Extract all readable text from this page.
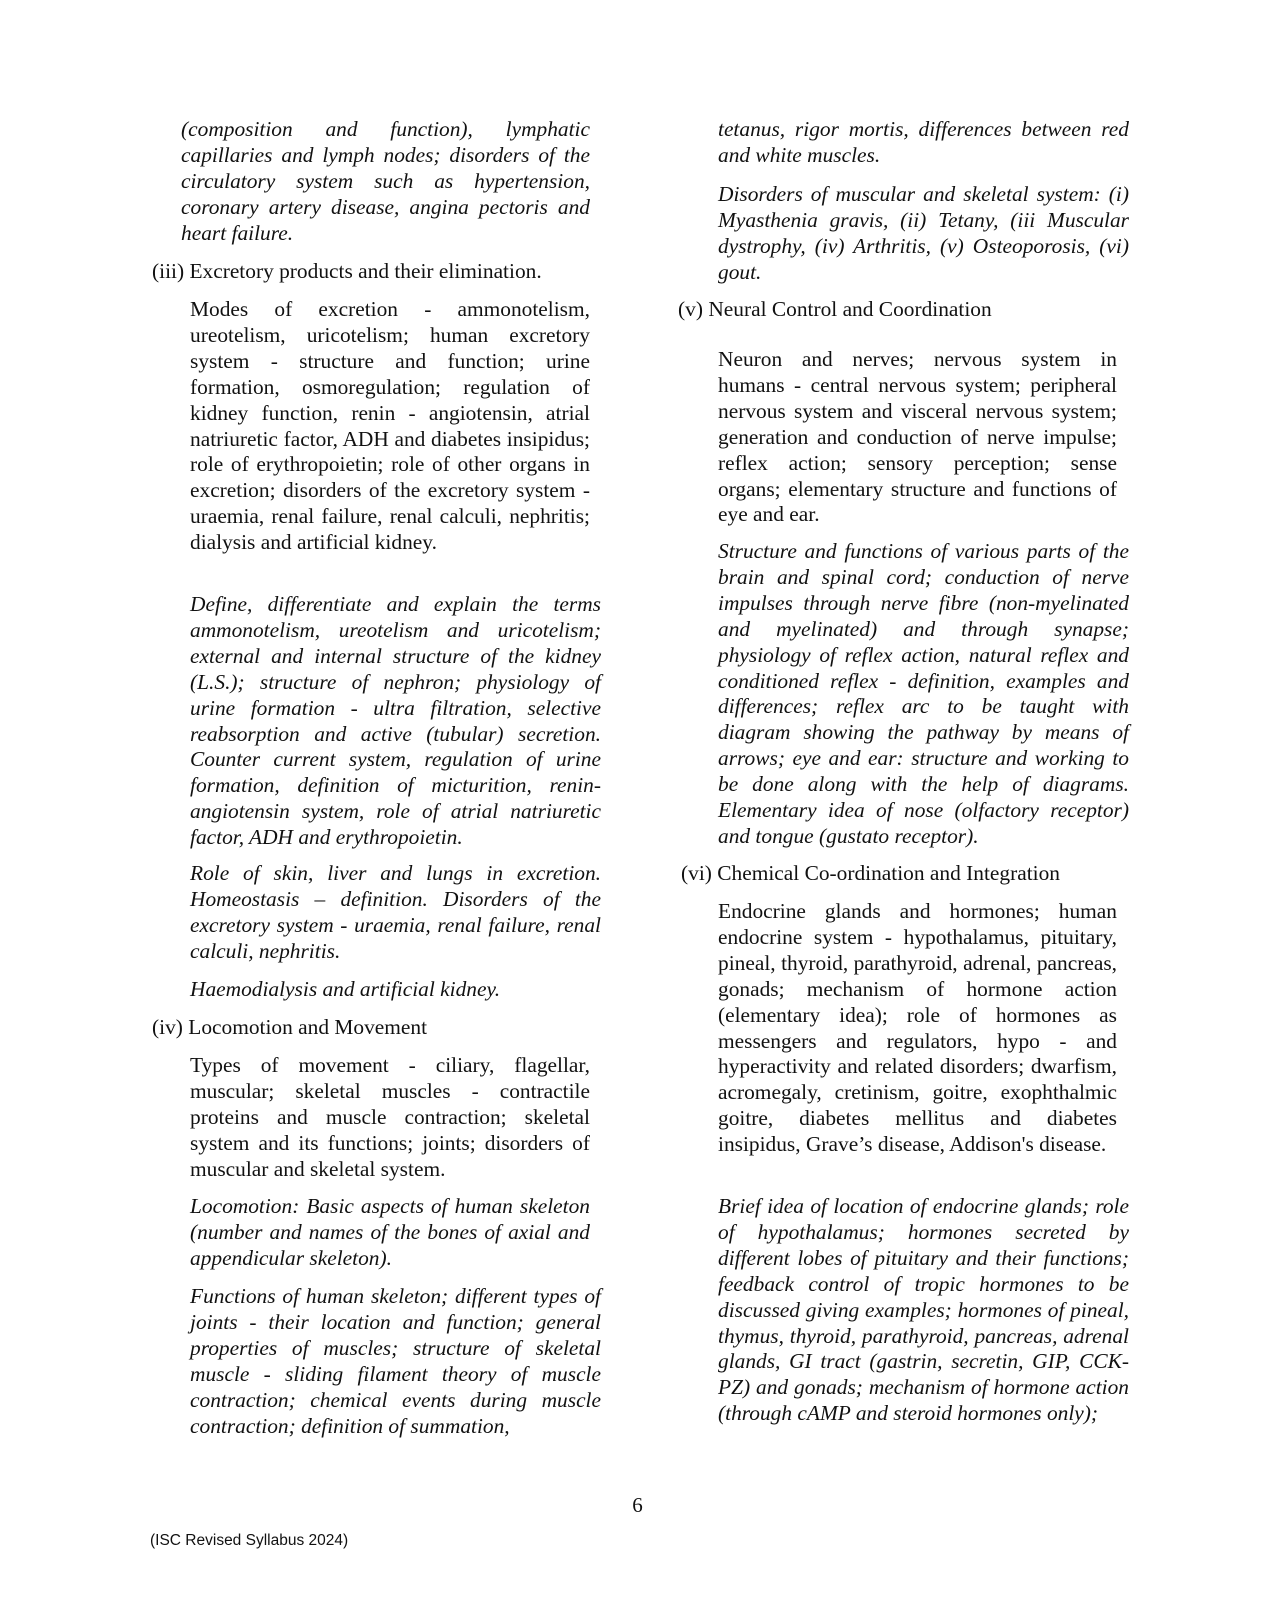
(composition and function), lymphatic capillaries and lymph nodes; disorders of the circulatory system such as hypertension, coronary artery disease, angina pectoris and heart failure.

(iii) Excretory products and their elimination.

Modes of excretion - ammonotelism, ureotelism, uricotelism; human excretory system - structure and function; urine formation, osmoregulation; regulation of kidney function, renin - angiotensin, atrial natriuretic factor, ADH and diabetes insipidus; role of erythropoietin; role of other organs in excretion; disorders of the excretory system - uraemia, renal failure, renal calculi, nephritis; dialysis and artificial kidney.

Define, differentiate and explain the terms ammonotelism, ureotelism and uricotelism; external and internal structure of the kidney (L.S.); structure of nephron; physiology of urine formation - ultra filtration, selective reabsorption and active (tubular) secretion. Counter current system, regulation of urine formation, definition of micturition, renin-angiotensin system, role of atrial natriuretic factor, ADH and erythropoietin.

Role of skin, liver and lungs in excretion. Homeostasis – definition. Disorders of the excretory system - uraemia, renal failure, renal calculi, nephritis.

Haemodialysis and artificial kidney.

(iv) Locomotion and Movement

Types of movement - ciliary, flagellar, muscular; skeletal muscles - contractile proteins and muscle contraction; skeletal system and its functions; joints; disorders of muscular and skeletal system.

Locomotion: Basic aspects of human skeleton (number and names of the bones of axial and appendicular skeleton).

Functions of human skeleton; different types of joints - their location and function; general properties of muscles; structure of skeletal muscle - sliding filament theory of muscle contraction; chemical events during muscle contraction; definition of summation,

tetanus, rigor mortis, differences between red and white muscles.

Disorders of muscular and skeletal system: (i) Myasthenia gravis, (ii) Tetany, (iii Muscular dystrophy, (iv) Arthritis, (v) Osteoporosis, (vi) gout.

(v) Neural Control and Coordination

Neuron and nerves; nervous system in humans - central nervous system; peripheral nervous system and visceral nervous system; generation and conduction of nerve impulse; reflex action; sensory perception; sense organs; elementary structure and functions of eye and ear.

Structure and functions of various parts of the brain and spinal cord; conduction of nerve impulses through nerve fibre (non-myelinated and myelinated) and through synapse; physiology of reflex action, natural reflex and conditioned reflex - definition, examples and differences; reflex arc to be taught with diagram showing the pathway by means of arrows; eye and ear: structure and working to be done along with the help of diagrams. Elementary idea of nose (olfactory receptor) and tongue (gustato receptor).

(vi) Chemical Co-ordination and Integration

Endocrine glands and hormones; human endocrine system - hypothalamus, pituitary, pineal, thyroid, parathyroid, adrenal, pancreas, gonads; mechanism of hormone action (elementary idea); role of hormones as messengers and regulators, hypo - and hyperactivity and related disorders; dwarfism, acromegaly, cretinism, goitre, exophthalmic goitre, diabetes mellitus and diabetes insipidus, Grave’s disease, Addison's disease.

Brief idea of location of endocrine glands; role of hypothalamus; hormones secreted by different lobes of pituitary and their functions; feedback control of tropic hormones to be discussed giving examples; hormones of pineal, thymus, thyroid, parathyroid, pancreas, adrenal glands, GI tract (gastrin, secretin, GIP, CCK-PZ) and gonads; mechanism of hormone action (through cAMP and steroid hormones only);

6
(ISC Revised Syllabus 2024)
